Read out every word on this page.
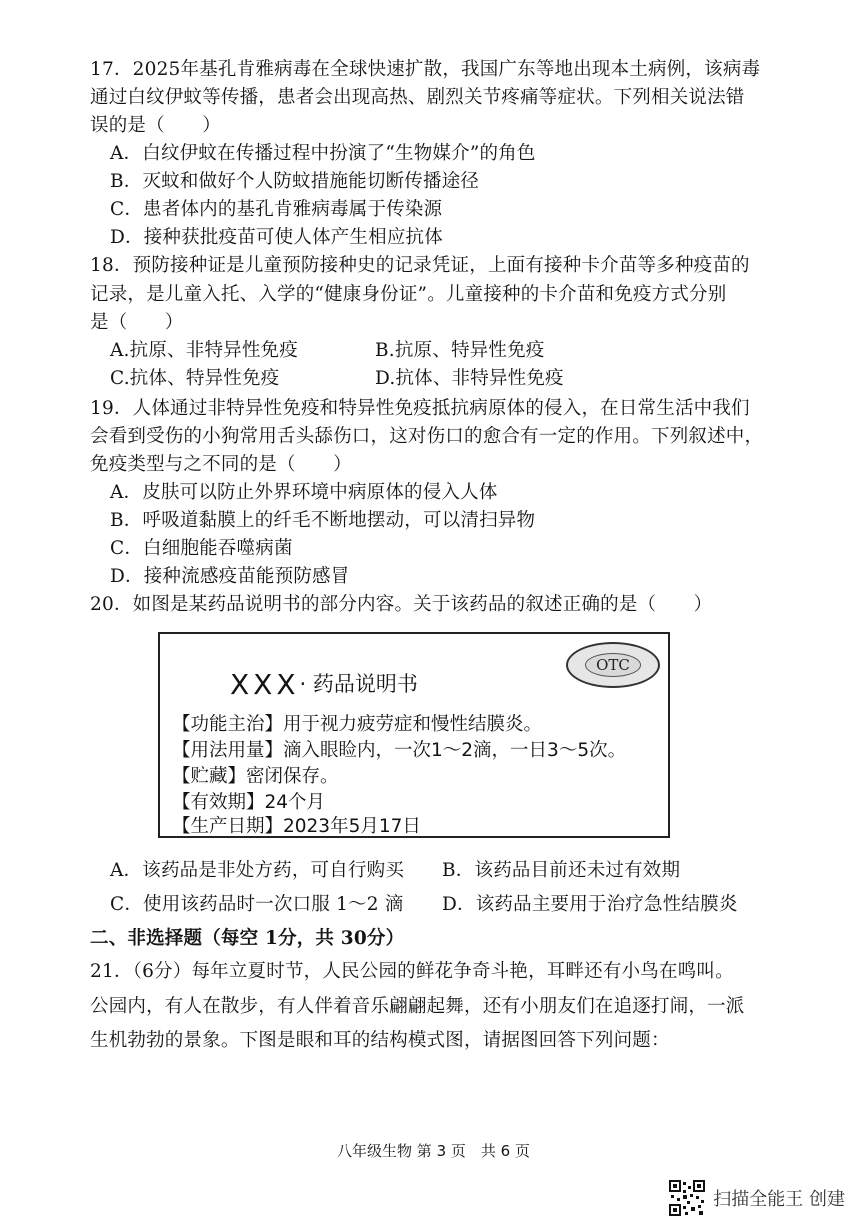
17．2025年基孔肯雅病毒在全球快速扩散，我国广东等地出现本土病例，该病毒
通过白纹伊蚊等传播，患者会出现高热、剧烈关节疼痛等症状。下列相关说法错
误的是（　　）
A．白纹伊蚊在传播过程中扮演了“生物媒介”的角色
B．灭蚊和做好个人防蚊措施能切断传播途径
C．患者体内的基孔肯雅病毒属于传染源
D．接种获批疫苗可使人体产生相应抗体
18．预防接种证是儿童预防接种史的记录凭证，上面有接种卡介苗等多种疫苗的
记录，是儿童入托、入学的“健康身份证”。儿童接种的卡介苗和免疫方式分别
是（　　）
A.抗原、非特异性免疫	B.抗原、特异性免疫
C.抗体、特异性免疫	D.抗体、非特异性免疫
19．人体通过非特异性免疫和特异性免疫抵抗病原体的侵入，在日常生活中我们
会看到受伤的小狗常用舌头舔伤口，这对伤口的愈合有一定的作用。下列叙述中，
免疫类型与之不同的是（　　）
A．皮肤可以防止外界环境中病原体的侵入人体
B．呼吸道黏膜上的纤毛不断地摆动，可以清扫异物
C．白细胞能吞噬病菌
D．接种流感疫苗能预防感冒
20．如图是某药品说明书的部分内容。关于该药品的叙述正确的是（　　）
OTC
XXX· 药品说明书
【功能主治】用于视力疲劳症和慢性结膜炎。
【用法用量】滴入眼睑内，一次1～2滴，一日3～5次。
【贮藏】密闭保存。
【有效期】24个月
【生产日期】2023年5月17日
A．该药品是非处方药，可自行购买 B．该药品目前还未过有效期
C．使用该药品时一次口服 1～2 滴 D．该药品主要用于治疗急性结膜炎
二、非选择题（每空 1分，共 30分）
21．（6分）每年立夏时节，人民公园的鲜花争奇斗艳，耳畔还有小鸟在鸣叫。
公园内，有人在散步，有人伴着音乐翩翩起舞，还有小朋友们在追逐打闹，一派
生机勃勃的景象。下图是眼和耳的结构模式图，请据图回答下列问题：
八年级生物 第 3 页　共 6 页
扫描全能王 创建
